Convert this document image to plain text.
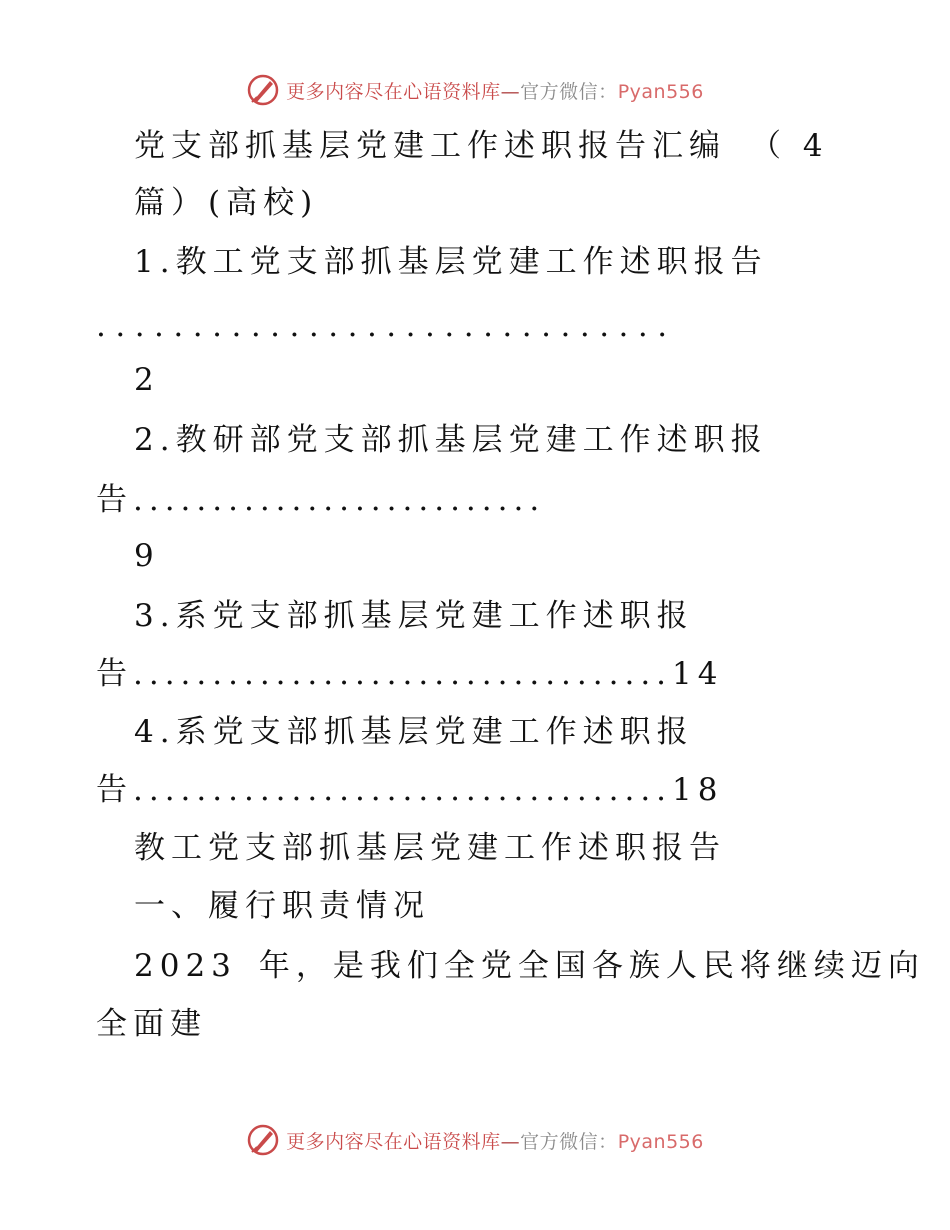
更多内容尽在心语资料库—官方微信：Pyan556
党支部抓基层党建工作述职报告汇编 （ 4
篇）(高校)
1.教工党支部抓基层党建工作述职报告
..............................
2
2.教研部党支部抓基层党建工作述职报
告..........................
9
3.系党支部抓基层党建工作述职报
告..................................14
4.系党支部抓基层党建工作述职报
告..................................18
教工党支部抓基层党建工作述职报告
一、履行职责情况
2023 年，是我们全党全国各族人民将继续迈向
全面建
更多内容尽在心语资料库—官方微信：Pyan556
